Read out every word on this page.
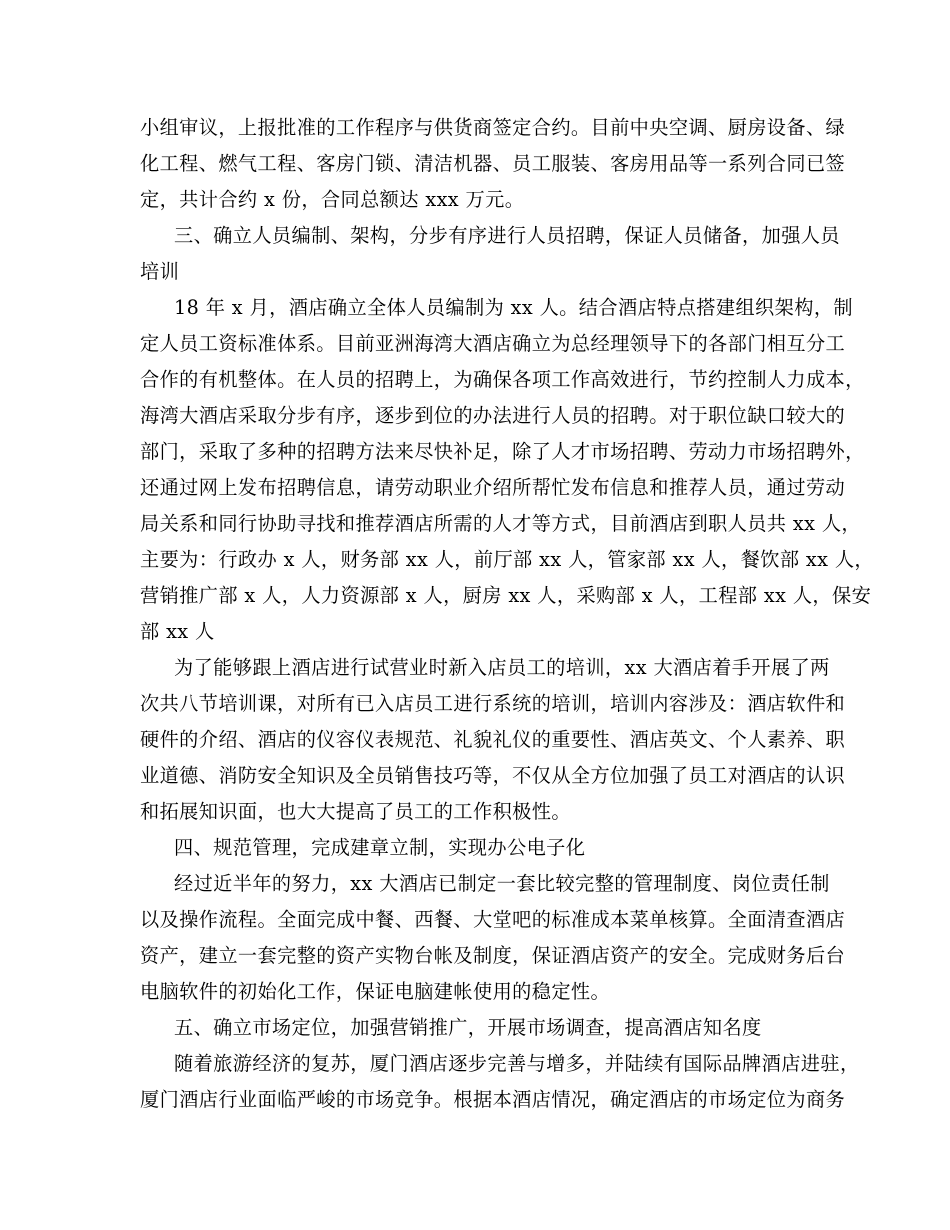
小组审议，上报批准的工作程序与供货商签定合约。目前中央空调、厨房设备、绿
化工程、燃气工程、客房门锁、清洁机器、员工服装、客房用品等一系列合同已签
定，共计合约 x 份，合同总额达 xxx 万元。
三、确立人员编制、架构，分步有序进行人员招聘，保证人员储备，加强人员
培训
18 年 x 月，酒店确立全体人员编制为 xx 人。结合酒店特点搭建组织架构，制
定人员工资标准体系。目前亚洲海湾大酒店确立为总经理领导下的各部门相互分工
合作的有机整体。在人员的招聘上，为确保各项工作高效进行，节约控制人力成本，
海湾大酒店采取分步有序，逐步到位的办法进行人员的招聘。对于职位缺口较大的
部门，采取了多种的招聘方法来尽快补足，除了人才市场招聘、劳动力市场招聘外，
还通过网上发布招聘信息，请劳动职业介绍所帮忙发布信息和推荐人员，通过劳动
局关系和同行协助寻找和推荐酒店所需的人才等方式，目前酒店到职人员共 xx 人，
主要为：行政办 x 人，财务部 xx 人，前厅部 xx 人，管家部 xx 人，餐饮部 xx 人，
营销推广部 x 人，人力资源部 x 人，厨房 xx 人，采购部 x 人，工程部 xx 人，保安
部 xx 人
为了能够跟上酒店进行试营业时新入店员工的培训，xx 大酒店着手开展了两
次共八节培训课，对所有已入店员工进行系统的培训，培训内容涉及：酒店软件和
硬件的介绍、酒店的仪容仪表规范、礼貌礼仪的重要性、酒店英文、个人素养、职
业道德、消防安全知识及全员销售技巧等，不仅从全方位加强了员工对酒店的认识
和拓展知识面，也大大提高了员工的工作积极性。
四、规范管理，完成建章立制，实现办公电子化
经过近半年的努力，xx 大酒店已制定一套比较完整的管理制度、岗位责任制
以及操作流程。全面完成中餐、西餐、大堂吧的标准成本菜单核算。全面清查酒店
资产，建立一套完整的资产实物台帐及制度，保证酒店资产的安全。完成财务后台
电脑软件的初始化工作，保证电脑建帐使用的稳定性。
五、确立市场定位，加强营销推广，开展市场调查，提高酒店知名度
随着旅游经济的复苏，厦门酒店逐步完善与增多，并陆续有国际品牌酒店进驻，
厦门酒店行业面临严峻的市场竞争。根据本酒店情况，确定酒店的市场定位为商务
